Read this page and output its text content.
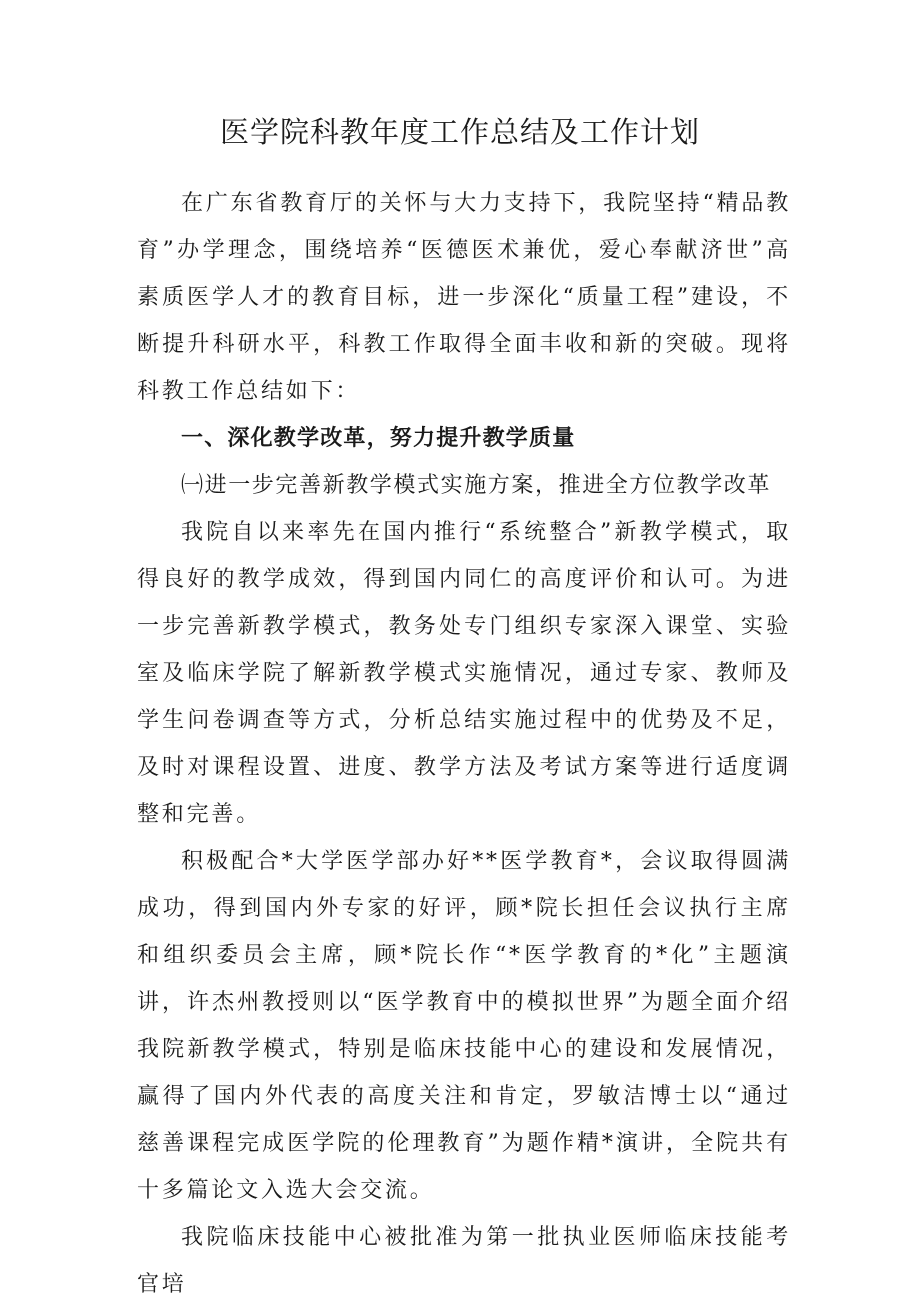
医学院科教年度工作总结及工作计划

在广东省教育厅的关怀与大力支持下，我院坚持“精品教育”办学理念，围绕培养“医德医术兼优，爱心奉献济世”高素质医学人才的教育目标，进一步深化“质量工程”建设，不断提升科研水平，科教工作取得全面丰收和新的突破。现将科教工作总结如下：

一、深化教学改革，努力提升教学质量

㈠进一步完善新教学模式实施方案，推进全方位教学改革

我院自以来率先在国内推行“系统整合”新教学模式，取得良好的教学成效，得到国内同仁的高度评价和认可。为进一步完善新教学模式，教务处专门组织专家深入课堂、实验室及临床学院了解新教学模式实施情况，通过专家、教师及学生问卷调查等方式，分析总结实施过程中的优势及不足，及时对课程设置、进度、教学方法及考试方案等进行适度调整和完善。

积极配合*大学医学部办好**医学教育*，会议取得圆满成功，得到国内外专家的好评，顾*院长担任会议执行主席和组织委员会主席，顾*院长作“*医学教育的*化”主题演讲，许杰州教授则以“医学教育中的模拟世界”为题全面介绍我院新教学模式，特别是临床技能中心的建设和发展情况，赢得了国内外代表的高度关注和肯定，罗敏洁博士以“通过慈善课程完成医学院的伦理教育”为题作精*演讲，全院共有十多篇论文入选大会交流。

我院临床技能中心被批准为第一批执业医师临床技能考官培
